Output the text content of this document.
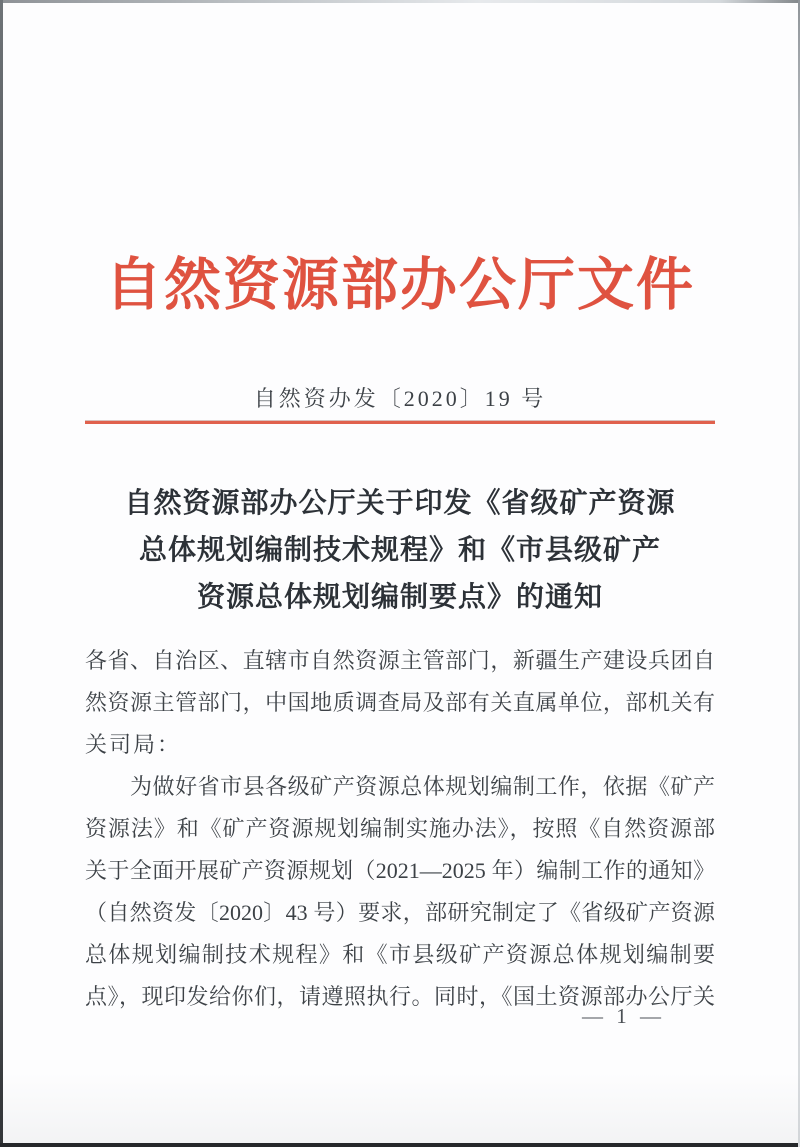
自然资源部办公厅文件
自然资办发〔2020〕19 号
自然资源部办公厅关于印发《省级矿产资源
总体规划编制技术规程》和《市县级矿产
资源总体规划编制要点》的通知
各省、自治区、直辖市自然资源主管部门，新疆生产建设兵团自
然资源主管部门，中国地质调查局及部有关直属单位，部机关有
关司局：
　　为做好省市县各级矿产资源总体规划编制工作，依据《矿产
资源法》和《矿产资源规划编制实施办法》，按照《自然资源部
关于全面开展矿产资源规划（2021—2025 年）编制工作的通知》
（自然资发〔2020〕43 号）要求，部研究制定了《省级矿产资源
总体规划编制技术规程》和《市县级矿产资源总体规划编制要
点》，现印发给你们，请遵照执行。同时，《国土资源部办公厅关
— 1 —
